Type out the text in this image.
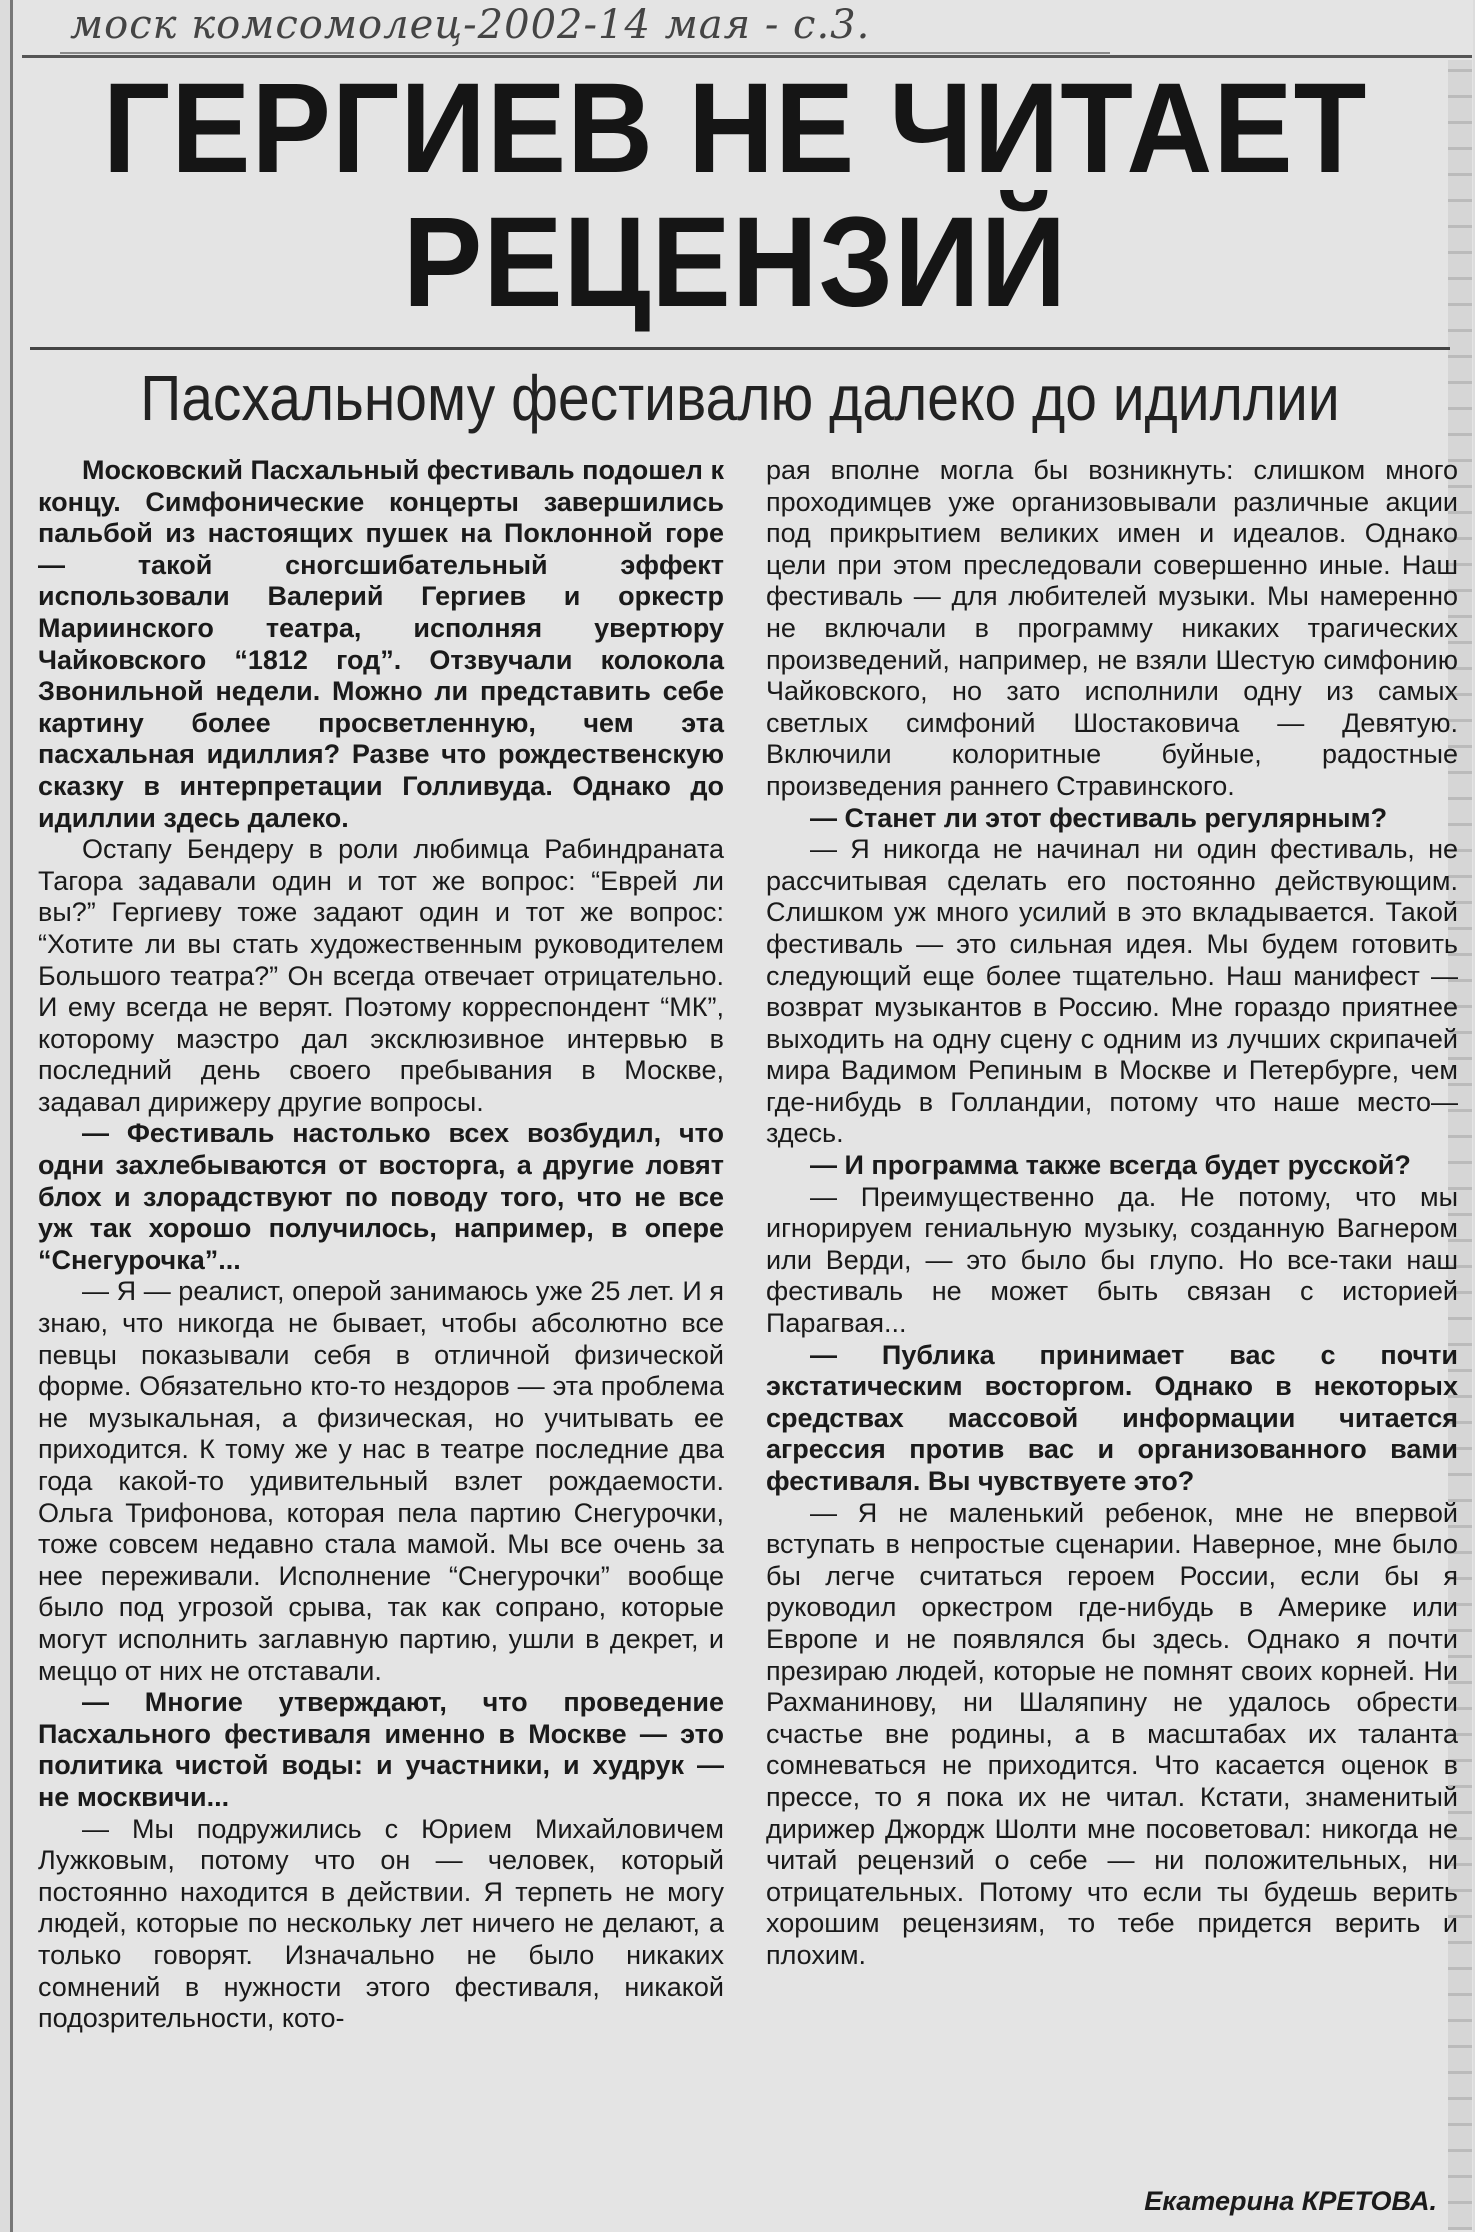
моск комсомолец-2002-14 мая - с.3.
ГЕРГИЕВ НЕ ЧИТАЕТ
РЕЦЕНЗИЙ
Пасхальному фестивалю далеко до идиллии

Московский Пасхальный фестиваль подошел к концу. Симфонические концерты завершились пальбой из настоящих пушек на Поклонной горе — такой сногсшибательный эффект использовали Валерий Гергиев и оркестр Мариинского театра, исполняя увертюру Чайковского “1812 год”. Отзвучали колокола Звонильной недели. Можно ли представить себе картину более просветленную, чем эта пасхальная идиллия? Разве что рождественскую сказку в интерпретации Голливуда. Однако до идиллии здесь далеко.

Остапу Бендеру в роли любимца Рабиндраната Тагора задавали один и тот же вопрос: “Еврей ли вы?” Гергиеву тоже задают один и тот же вопрос: “Хотите ли вы стать художественным руководителем Большого театра?” Он всегда отвечает отрицательно. И ему всегда не верят. Поэтому корреспондент “МК”, которому маэстро дал эксклюзивное интервью в последний день своего пребывания в Москве, задавал дирижеру другие вопросы.

— Фестиваль настолько всех возбудил, что одни захлебываются от восторга, а другие ловят блох и злорадствуют по поводу того, что не все уж так хорошо получилось, например, в опере “Снегурочка”...

— Я — реалист, оперой занимаюсь уже 25 лет. И я знаю, что никогда не бывает, чтобы абсолютно все певцы показывали себя в отличной физической форме. Обязательно кто-то нездоров — эта проблема не музыкальная, а физическая, но учитывать ее приходится. К тому же у нас в театре последние два года какой-то удивительный взлет рождаемости. Ольга Трифонова, которая пела партию Снегурочки, тоже совсем недавно стала мамой. Мы все очень за нее переживали. Исполнение “Снегурочки” вообще было под угрозой срыва, так как сопрано, которые могут исполнить заглавную партию, ушли в декрет, и меццо от них не отставали.

— Многие утверждают, что проведение Пасхального фестиваля именно в Москве — это политика чистой воды: и участники, и худрук — не москвичи...

— Мы подружились с Юрием Михайловичем Лужковым, потому что он — человек, который постоянно находится в действии. Я терпеть не могу людей, которые по нескольку лет ничего не делают, а только говорят. Изначально не было никаких сомнений в нужности этого фестиваля, никакой подозрительности, кото-

рая вполне могла бы возникнуть: слишком много проходимцев уже организовывали различные акции под прикрытием великих имен и идеалов. Однако цели при этом преследовали совершенно иные. Наш фестиваль — для любителей музыки. Мы намеренно не включали в программу никаких трагических произведений, например, не взяли Шестую симфонию Чайковского, но зато исполнили одну из самых светлых симфоний Шостаковича — Девятую. Включили колоритные буйные, радостные произведения раннего Стравинского.

— Станет ли этот фестиваль регулярным?

— Я никогда не начинал ни один фестиваль, не рассчитывая сделать его постоянно действующим. Слишком уж много усилий в это вкладывается. Такой фестиваль — это сильная идея. Мы будем готовить следующий еще более тщательно. Наш манифест — возврат музыкантов в Россию. Мне гораздо приятнее выходить на одну сцену с одним из лучших скрипачей мира Вадимом Репиным в Москве и Петербурге, чем где-нибудь в Голландии, потому что наше место— здесь.

— И программа также всегда будет русской?

— Преимущественно да. Не потому, что мы игнорируем гениальную музыку, созданную Вагнером или Верди, — это было бы глупо. Но все-таки наш фестиваль не может быть связан с историей Парагвая...

— Публика принимает вас с почти экстатическим восторгом. Однако в некоторых средствах массовой информации читается агрессия против вас и организованного вами фестиваля. Вы чувствуете это?

— Я не маленький ребенок, мне не впервой вступать в непростые сценарии. Наверное, мне было бы легче считаться героем России, если бы я руководил оркестром где-нибудь в Америке или Европе и не появлялся бы здесь. Однако я почти презираю людей, которые не помнят своих корней. Ни Рахманинову, ни Шаляпину не удалось обрести счастье вне родины, а в масштабах их таланта сомневаться не приходится. Что касается оценок в прессе, то я пока их не читал. Кстати, знаменитый дирижер Джордж Шолти мне посоветовал: никогда не читай рецензий о себе — ни положительных, ни отрицательных. Потому что если ты будешь верить хорошим рецензиям, то тебе придется верить и плохим.

Екатерина КРЕТОВА.
